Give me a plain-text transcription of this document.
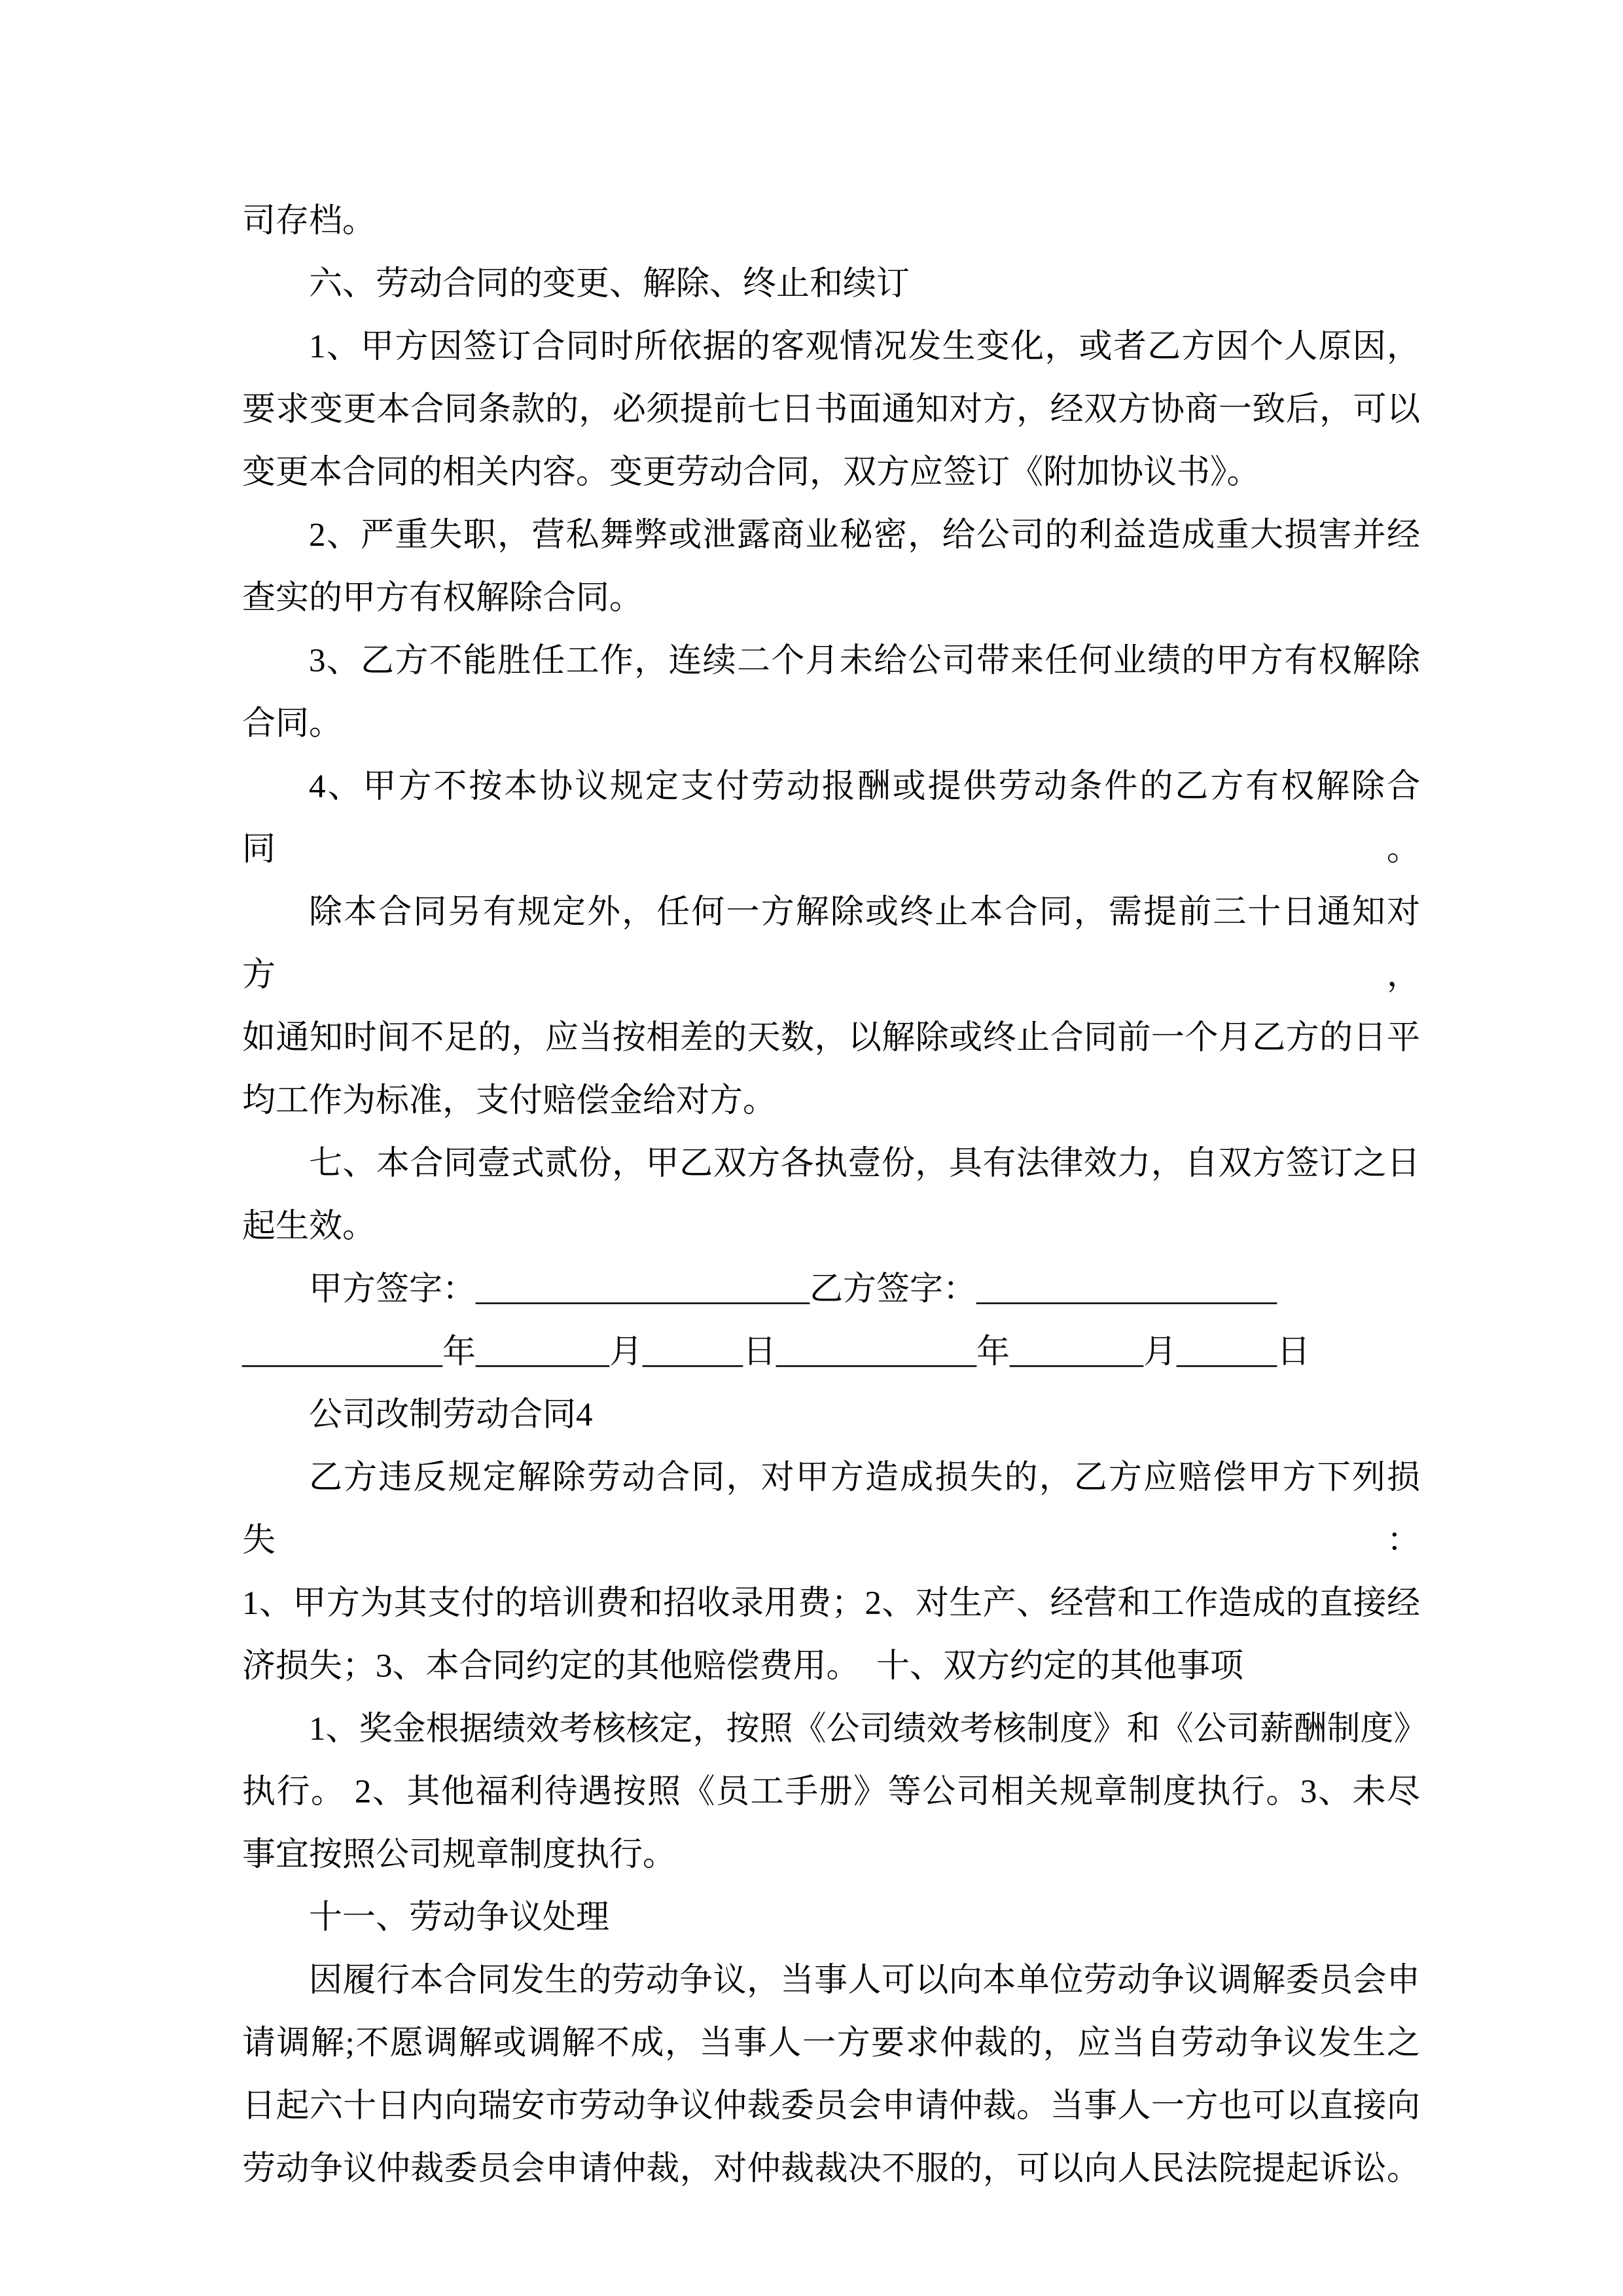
司存档。
六、劳动合同的变更、解除、终止和续订
1、甲方因签订合同时所依据的客观情况发生变化，或者乙方因个人原因，
要求变更本合同条款的，必须提前七日书面通知对方，经双方协商一致后，可以
变更本合同的相关内容。变更劳动合同，双方应签订《附加协议书》。
2、严重失职，营私舞弊或泄露商业秘密，给公司的利益造成重大损害并经
查实的甲方有权解除合同。
3、乙方不能胜任工作，连续二个月未给公司带来任何业绩的甲方有权解除
合同。
4、甲方不按本协议规定支付劳动报酬或提供劳动条件的乙方有权解除合同。
除本合同另有规定外，任何一方解除或终止本合同，需提前三十日通知对方，
如通知时间不足的，应当按相差的天数，以解除或终止合同前一个月乙方的日平
均工作为标准，支付赔偿金给对方。
七、本合同壹式贰份，甲乙双方各执壹份，具有法律效力，自双方签订之日
起生效。
甲方签字：____________________乙方签字：__________________
____________年________月______日____________年________月______日
公司改制劳动合同4
乙方违反规定解除劳动合同，对甲方造成损失的，乙方应赔偿甲方下列损失：
1、甲方为其支付的培训费和招收录用费；2、对生产、经营和工作造成的直接经
济损失；3、本合同约定的其他赔偿费用。　十、双方约定的其他事项
1、奖金根据绩效考核核定，按照《公司绩效考核制度》和《公司薪酬制度》
执行。 2、其他福利待遇按照《员工手册》等公司相关规章制度执行。3、未尽
事宜按照公司规章制度执行。
十一、劳动争议处理
因履行本合同发生的劳动争议，当事人可以向本单位劳动争议调解委员会申
请调解;不愿调解或调解不成，当事人一方要求仲裁的，应当自劳动争议发生之
日起六十日内向瑞安市劳动争议仲裁委员会申请仲裁。当事人一方也可以直接向
劳动争议仲裁委员会申请仲裁，对仲裁裁决不服的，可以向人民法院提起诉讼。
